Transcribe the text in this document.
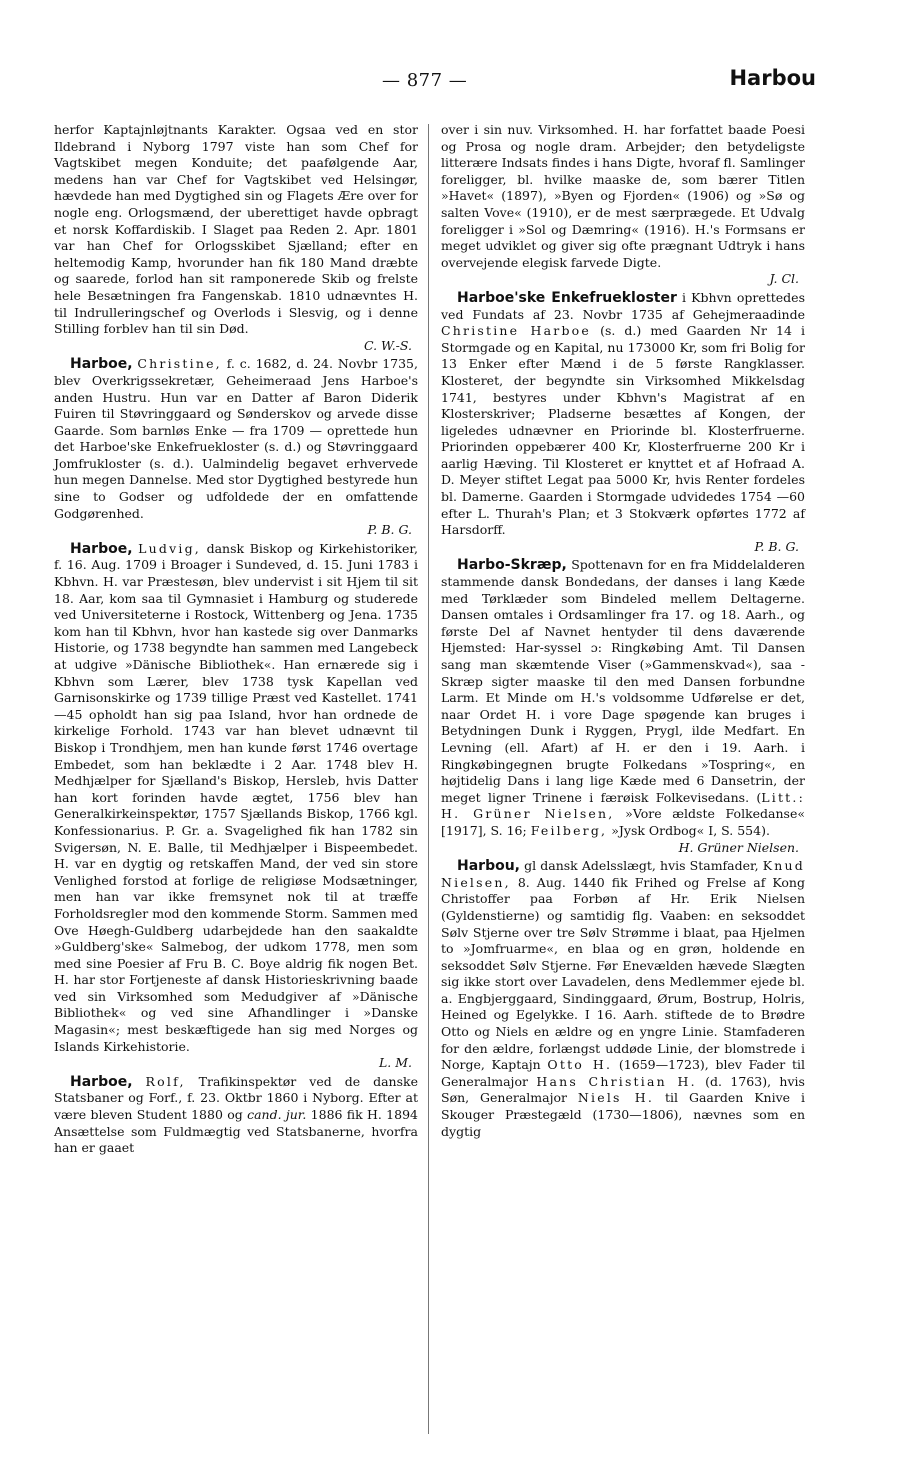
— 877 —	Harbou

herfor Kaptajnløjtnants Karakter. Ogsaa ved en stor Ildebrand i Nyborg 1797 viste han som Chef for Vagtskibet megen Konduite; det paafølgende Aar, medens han var Chef for Vagtskibet ved Helsingør, hævdede han med Dygtighed sin og Flagets Ære over for nogle eng. Orlogsmænd, der uberettiget havde opbragt et norsk Koffardiskib. I Slaget paa Reden 2. Apr. 1801 var han Chef for Orlogsskibet Sjælland; efter en heltemodig Kamp, hvorunder han fik 180 Mand dræbte og saarede, forlod han sit ramponerede Skib og frelste hele Besætningen fra Fangenskab. 1810 udnævntes H. til Indrulleringschef og Overlods i Slesvig, og i denne Stilling forblev han til sin Død.
C. W.-S.

Harboe, Christine, f. c. 1682, d. 24. Novbr 1735, blev Overkrigssekretær, Geheimeraad Jens Harboe's anden Hustru. Hun var en Datter af Baron Diderik Fuiren til Støvringgaard og Sønderskov og arvede disse Gaarde. Som barnløs Enke — fra 1709 — oprettede hun det Harboe'ske Enkefruekloster (s. d.) og Støvringgaard Jomfrukloster (s. d.). Ualmindelig begavet erhvervede hun megen Dannelse. Med stor Dygtighed bestyrede hun sine to Godser og udfoldede der en omfattende Godgørenhed.
P. B. G.

Harboe, Ludvig, dansk Biskop og Kirkehistoriker, f. 16. Aug. 1709 i Broager i Sundeved, d. 15. Juni 1783 i Kbhvn. H. var Præstesøn, blev undervist i sit Hjem til sit 18. Aar, kom saa til Gymnasiet i Hamburg og studerede ved Universiteterne i Rostock, Wittenberg og Jena. 1735 kom han til Kbhvn, hvor han kastede sig over Danmarks Historie, og 1738 begyndte han sammen med Langebeck at udgive »Dänische Bibliothek«. Han ernærede sig i Kbhvn som Lærer, blev 1738 tysk Kapellan ved Garnisonskirke og 1739 tillige Præst ved Kastellet. 1741—45 opholdt han sig paa Island, hvor han ordnede de kirkelige Forhold. 1743 var han blevet udnævnt til Biskop i Trondhjem, men han kunde først 1746 overtage Embedet, som han beklædte i 2 Aar. 1748 blev H. Medhjælper for Sjælland's Biskop, Hersleb, hvis Datter han kort forinden havde ægtet, 1756 blev han Generalkirkeinspektør, 1757 Sjællands Biskop, 1766 kgl. Konfessionarius. P. Gr. a. Svagelighed fik han 1782 sin Svigersøn, N. E. Balle, til Medhjælper i Bispeembedet. H. var en dygtig og retskaffen Mand, der ved sin store Venlighed forstod at forlige de religiøse Modsætninger, men han var ikke fremsynet nok til at træffe Forholdsregler mod den kommende Storm. Sammen med Ove Høegh-Guldberg udarbejdede han den saakaldte »Guldberg'ske« Salmebog, der udkom 1778, men som med sine Poesier af Fru B. C. Boye aldrig fik nogen Bet. H. har stor Fortjeneste af dansk Historieskrivning baade ved sin Virksomhed som Medudgiver af »Dänische Bibliothek« og ved sine Afhandlinger i »Danske Magasin«; mest beskæftigede han sig med Norges og Islands Kirkehistorie.
L. M.

Harboe, Rolf, Trafikinspektør ved de danske Statsbaner og Forf., f. 23. Oktbr 1860 i Nyborg. Efter at være bleven Student 1880 og cand. jur. 1886 fik H. 1894 Ansættelse som Fuldmægtig ved Statsbanerne, hvorfra han er gaaet

over i sin nuv. Virksomhed. H. har forfattet baade Poesi og Prosa og nogle dram. Arbejder; den betydeligste litterære Indsats findes i hans Digte, hvoraf fl. Samlinger foreligger, bl. hvilke maaske de, som bærer Titlen »Havet« (1897), »Byen og Fjorden« (1906) og »Sø og salten Vove« (1910), er de mest særprægede. Et Udvalg foreligger i »Sol og Dæmring« (1916). H.'s Formsans er meget udviklet og giver sig ofte prægnant Udtryk i hans overvejende elegisk farvede Digte.
J. Cl.

Harboe'ske Enkefruekloster i Kbhvn oprettedes ved Fundats af 23. Novbr 1735 af Gehejmeraadinde Christine Harboe (s. d.) med Gaarden Nr 14 i Stormgade og en Kapital, nu 173000 Kr, som fri Bolig for 13 Enker efter Mænd i de 5 første Rangklasser. Klosteret, der begyndte sin Virksomhed Mikkelsdag 1741, bestyres under Kbhvn's Magistrat af en Klosterskriver; Pladserne besættes af Kongen, der ligeledes udnævner en Priorinde bl. Klosterfruerne. Priorinden oppebærer 400 Kr, Klosterfruerne 200 Kr i aarlig Hæving. Til Klosteret er knyttet et af Hofraad A. D. Meyer stiftet Legat paa 5000 Kr, hvis Renter fordeles bl. Damerne. Gaarden i Stormgade udvidedes 1754 —60 efter L. Thurah's Plan; et 3 Stokværk opførtes 1772 af Harsdorff.
P. B. G.

Harbo-Skræp, Spottenavn for en fra Middelalderen stammende dansk Bondedans, der danses i lang Kæde med Tørklæder som Bindeled mellem Deltagerne. Dansen omtales i Ordsamlinger fra 17. og 18. Aarh., og første Del af Navnet hentyder til dens daværende Hjemsted: Har-syssel ɔ: Ringkøbing Amt. Til Dansen sang man skæmtende Viser (»Gammenskvad«), saa -Skræp sigter maaske til den med Dansen forbundne Larm. Et Minde om H.'s voldsomme Udførelse er det, naar Ordet H. i vore Dage spøgende kan bruges i Betydningen Dunk i Ryggen, Prygl, ilde Medfart. En Levning (ell. Afart) af H. er den i 19. Aarh. i Ringkøbingegnen brugte Folkedans »Tospring«, en højtidelig Dans i lang lige Kæde med 6 Dansetrin, der meget ligner Trinene i færøisk Folkevisedans. (Litt.: H. Grüner Nielsen, »Vore ældste Folkedanse« [1917], S. 16; Feilberg, »Jysk Ordbog« I, S. 554).
H. Grüner Nielsen.

Harbou, gl dansk Adelsslægt, hvis Stamfader, Knud Nielsen, 8. Aug. 1440 fik Frihed og Frelse af Kong Christoffer paa Forbøn af Hr. Erik Nielsen (Gyldenstierne) og samtidig flg. Vaaben: en seksoddet Sølv Stjerne over tre Sølv Strømme i blaat, paa Hjelmen to »Jomfruarme«, en blaa og en grøn, holdende en seksoddet Sølv Stjerne. Før Enevælden hævede Slægten sig ikke stort over Lavadelen, dens Medlemmer ejede bl. a. Engbjerggaard, Sindinggaard, Ørum, Bostrup, Holris, Heined og Egelykke. I 16. Aarh. stiftede de to Brødre Otto og Niels en ældre og en yngre Linie. Stamfaderen for den ældre, forlængst uddøde Linie, der blomstrede i Norge, Kaptajn Otto H. (1659—1723), blev Fader til Generalmajor Hans Christian H. (d. 1763), hvis Søn, Generalmajor Niels H. til Gaarden Knive i Skouger Præstegæld (1730—1806), nævnes som en dygtig
